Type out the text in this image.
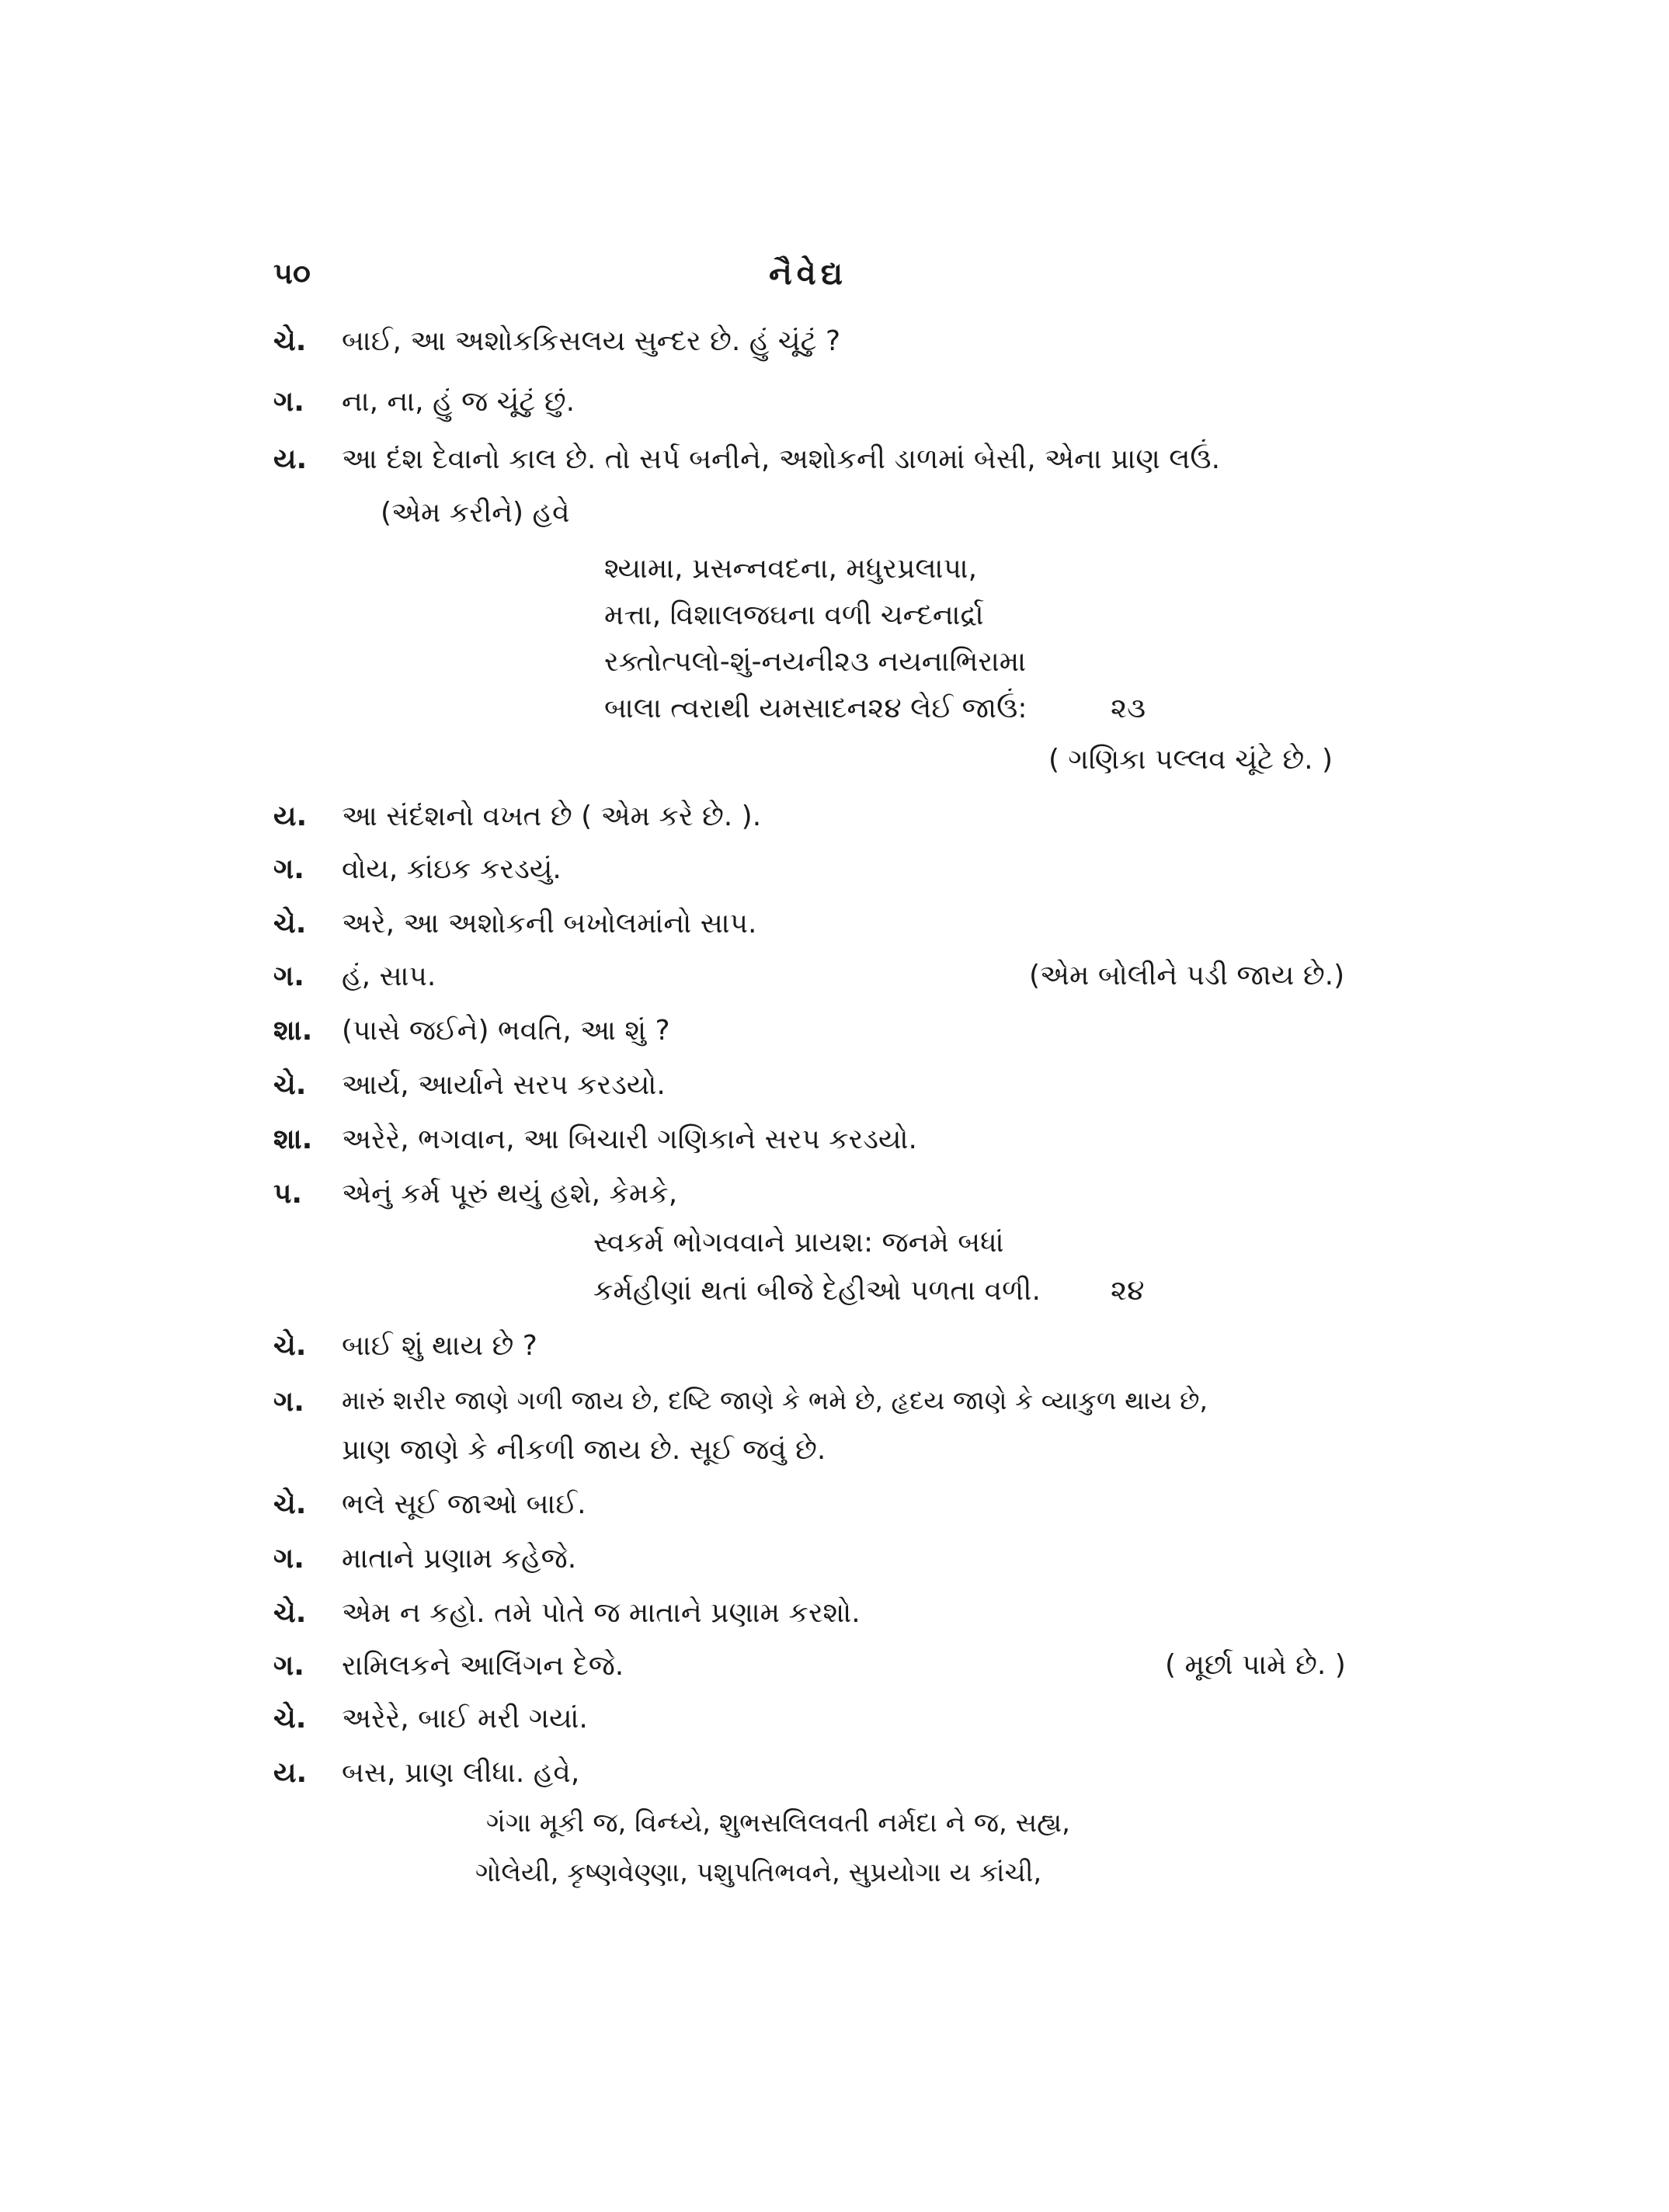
૫૦	નૈવેદ્ય
ચે. બાઈ, આ અશોકકિસલય સુન્દર છે. હું ચૂંટું ?
ગ. ના, ના, હું જ ચૂંટું છું.
ય. આ દંશ દેવાનો કાલ છે. તો સર્પ બનીને, અશોકની ડાળમાં બેસી, એના પ્રાણ લઉં.
(એમ કરીને) હવે
શ્યામા, પ્રસન્નવદના, મધુરપ્રલાપા,
મત્તા, વિશાલજઘના વળી ચન્દનાર્દ્રા
રક્તોત્પલો-શું-નયની૨૩ નયનાભિરામા
બાલા ત્વરાથી યમસાદન૨૪ લેઈ જાઉં:	૨૩
( ગણિકા પલ્લવ ચૂંટે છે. )
ય. આ સંદંશનો વખત છે ( એમ કરે છે. ).
ગ. વોય, કાંઇક કરડયું.
ચે. અરે, આ અશોકની બખોલમાંનો સાપ.
ગ. હં, સાપ.	(એમ બોલીને પડી જાય છે.)
શા. (પાસે જઈને) ભવતિ, આ શું ?
ચે. આર્ય, આર્યાને સરપ કરડયો.
શા. અરેરે, ભગવાન, આ બિચારી ગણિકાને સરપ કરડયો.
પ. એનું કર્મ પૂરું થયું હશે, કેમકે,
સ્વકર્મ ભોગવવાને પ્રાયશ: જનમે બધાં
કર્મહીણાં થતાં બીજે દેહીઓ પળતા વળી.	૨૪
ચે. બાઈ શું થાય છે ?
ગ. મારું શરીર જાણે ગળી જાય છે, દષ્ટિ જાણે કે ભમે છે, હૃદય જાણે કે વ્યાકુળ થાય છે,
પ્રાણ જાણે કે નીકળી જાય છે. સૂઈ જવું છે.
ચે. ભલે સૂઈ જાઓ બાઈ.
ગ. માતાને પ્રણામ કહેજે.
ચે. એમ ન કહો. તમે પોતે જ માતાને પ્રણામ કરશો.
ગ. રામિલકને આલિંગન દેજે.	( મૂર્છા પામે છે. )
ચે. અરેરે, બાઈ મરી ગયાં.
ય. બસ, પ્રાણ લીધા. હવે,
ગંગા મૂકી જ, વિન્ધ્યે, શુભસલિલવતી નર્મદા ને જ, સહ્ય,
ગોલેયી, કૃષ્ણવેણ્ણા, પશુપતિભવને, સુપ્રયોગા ય કાંચી,
